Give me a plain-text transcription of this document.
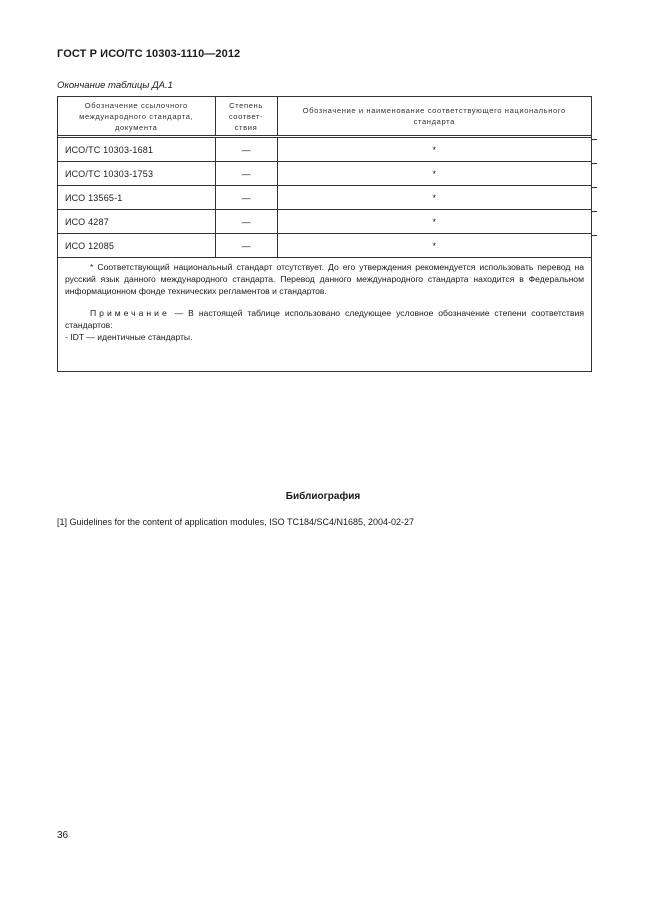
ГОСТ Р ИСО/ТС 10303-1110—2012
Окончание таблицы ДА.1
Обозначение ссылочного международного стандарта, документа	Степень соответ-ствия	Обозначение и наименование соответствующего национального стандарта
ИСО/ТС 10303-1681	—	*
ИСО/ТС 10303-1753	—	*
ИСО 13565-1	—	*
ИСО 4287	—	*
ИСО 12085	—	*

* Соответствующий национальный стандарт отсутствует. До его утверждения рекомендуется использовать перевод на русский язык данного международного стандарта. Перевод данного международного стандарта находится в Федеральном информационном фонде технических регламентов и стандартов.

Примечание — В настоящей таблице использовано следующее условное обозначение степени соответствия стандартов:

- IDT — идентичные стандарты.

Библиография
[1] Guidelines for the content of application modules, ISO TC184/SC4/N1685, 2004-02-27
36
